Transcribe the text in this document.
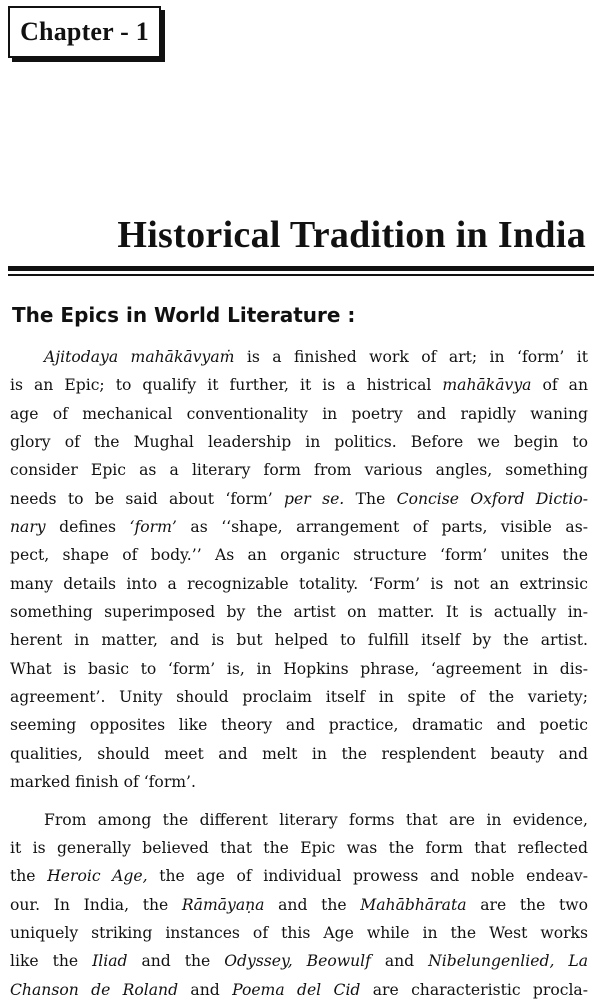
Chapter - 1
Historical Tradition in India
The Epics in World Literature :
Ajitodaya mahākāvyaṁ is a finished work of art; in ‘form’ it
is an Epic; to qualify it further, it is a histrical mahākāvya of an
age of mechanical conventionality in poetry and rapidly waning
glory of the Mughal leadership in politics. Before we begin to
consider Epic as a literary form from various angles, something
needs to be said about ‘form’ per se. The Concise Oxford Dictio-
nary defines ‘form’ as ‘‘shape, arrangement of parts, visible as-
pect, shape of body.’’ As an organic structure ‘form’ unites the
many details into a recognizable totality. ‘Form’ is not an extrinsic
something superimposed by the artist on matter. It is actually in-
herent in matter, and is but helped to fulfill itself by the artist.
What is basic to ‘form’ is, in Hopkins phrase, ‘agreement in dis-
agreement’. Unity should proclaim itself in spite of the variety;
seeming opposites like theory and practice, dramatic and poetic
qualities, should meet and melt in the resplendent beauty and
marked finish of ‘form’.
From among the different literary forms that are in evidence,
it is generally believed that the Epic was the form that reflected
the Heroic Age, the age of individual prowess and noble endeav-
our. In India, the Rāmāyaṇa and the Mahābhārata are the two
uniquely striking instances of this Age while in the West works
like the Iliad and the Odyssey, Beowulf and Nibelungenlied, La
Chanson de Roland and Poema del Cid are characteristic procla-
